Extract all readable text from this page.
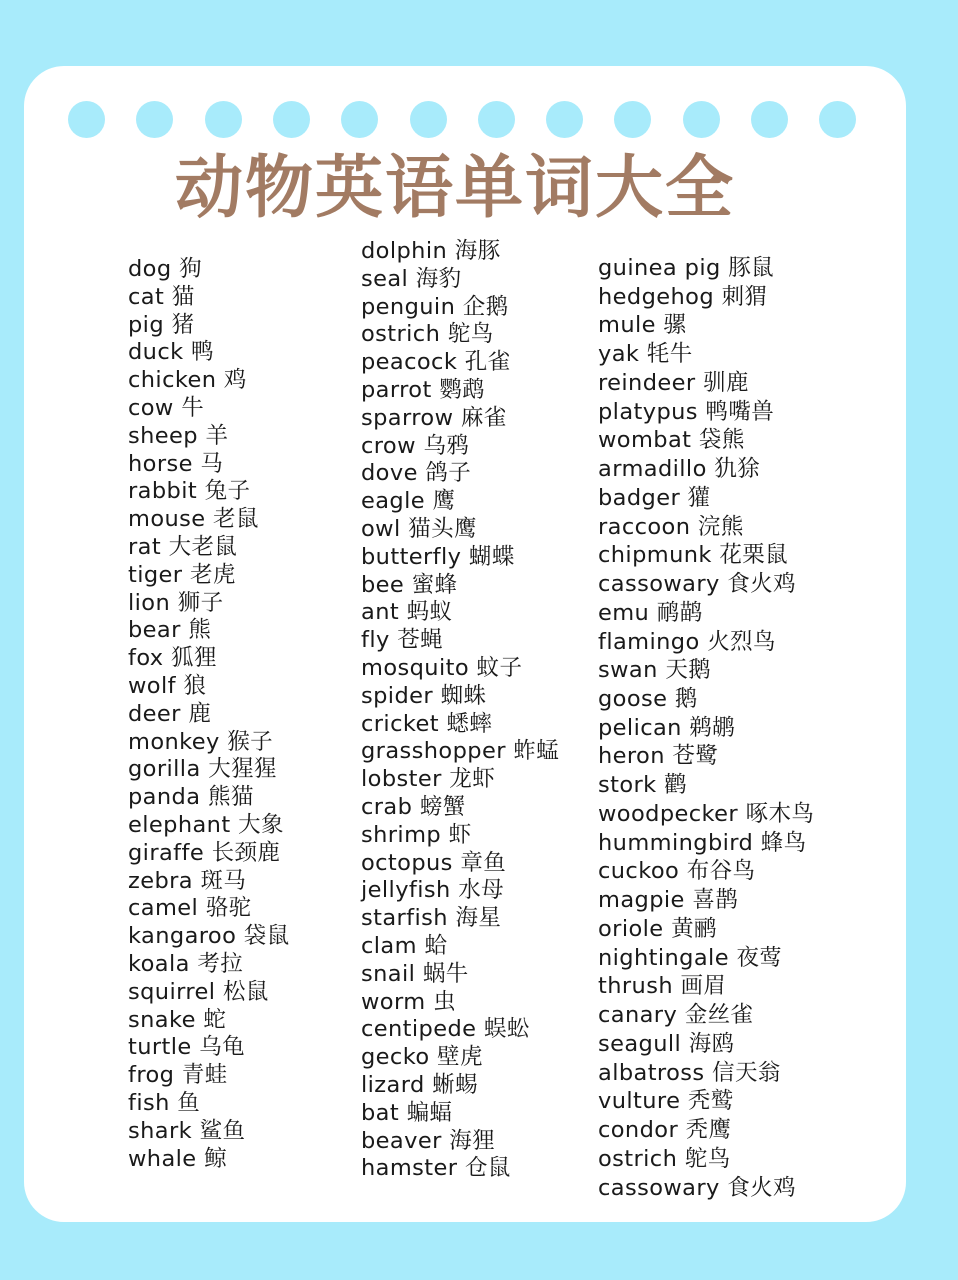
动物英语单词大全
dog 狗
cat 猫
pig 猪
duck 鸭
chicken 鸡
cow 牛
sheep 羊
horse 马
rabbit 兔子
mouse 老鼠
rat 大老鼠
tiger 老虎
lion 狮子
bear 熊
fox 狐狸
wolf 狼
deer 鹿
monkey 猴子
gorilla 大猩猩
panda 熊猫
elephant 大象
giraffe 长颈鹿
zebra 斑马
camel 骆驼
kangaroo 袋鼠
koala 考拉
squirrel 松鼠
snake 蛇
turtle 乌龟
frog 青蛙
fish 鱼
shark 鲨鱼
whale 鲸
dolphin 海豚
seal 海豹
penguin 企鹅
ostrich 鸵鸟
peacock 孔雀
parrot 鹦鹉
sparrow 麻雀
crow 乌鸦
dove 鸽子
eagle 鹰
owl 猫头鹰
butterfly 蝴蝶
bee 蜜蜂
ant 蚂蚁
fly 苍蝇
mosquito 蚊子
spider 蜘蛛
cricket 蟋蟀
grasshopper 蚱蜢
lobster 龙虾
crab 螃蟹
shrimp 虾
octopus 章鱼
jellyfish 水母
starfish 海星
clam 蛤
snail 蜗牛
worm 虫
centipede 蜈蚣
gecko 壁虎
lizard 蜥蜴
bat 蝙蝠
beaver 海狸
hamster 仓鼠
guinea pig 豚鼠
hedgehog 刺猬
mule 骡
yak 牦牛
reindeer 驯鹿
platypus 鸭嘴兽
wombat 袋熊
armadillo 犰狳
badger 獾
raccoon 浣熊
chipmunk 花栗鼠
cassowary 食火鸡
emu 鸸鹋
flamingo 火烈鸟
swan 天鹅
goose 鹅
pelican 鹈鹕
heron 苍鹭
stork 鹳
woodpecker 啄木鸟
hummingbird 蜂鸟
cuckoo 布谷鸟
magpie 喜鹊
oriole 黄鹂
nightingale 夜莺
thrush 画眉
canary 金丝雀
seagull 海鸥
albatross 信天翁
vulture 秃鹫
condor 秃鹰
ostrich 鸵鸟
cassowary 食火鸡
